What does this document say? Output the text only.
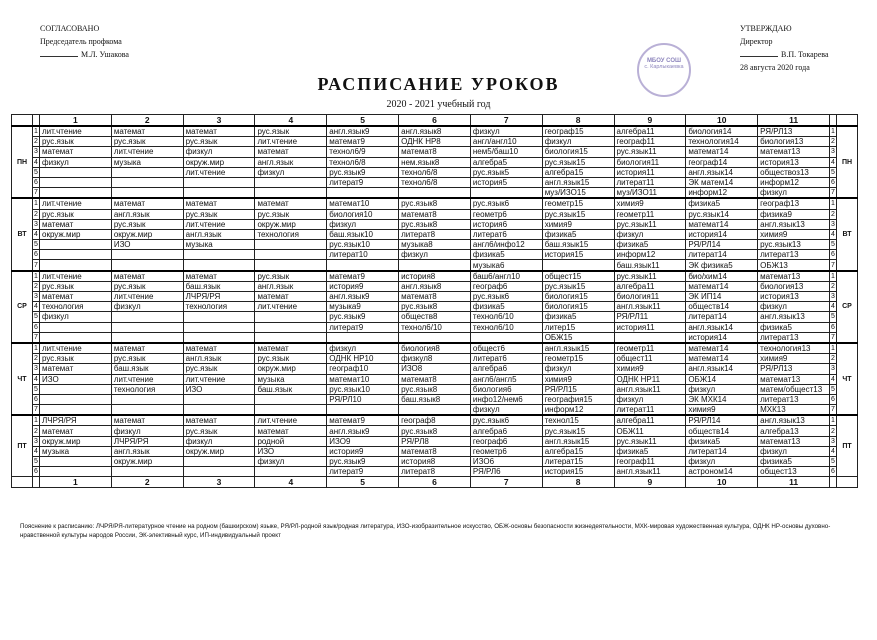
СОГЛАСОВАНО
Председатель профкома
М.Л. Ушакова
МБОУ СОШ
с. Карлыкаевка
УТВЕРЖДАЮ
Директор
В.П. Токарева
28 августа 2020 года
РАСПИСАНИЕ УРОКОВ
2020 - 2021 учебный год
		1	2	3	4	5	6	7	8	9	10	11		
ПН	1	лит.чтение	математ	математ	рус.язык	англ.язык9	англ.язык8	физкул	географ15	алгебра11	биология14	РЯ/РЛ13	1	ПН
	2	рус.язык	рус.язык	рус.язык	лит.чтение	математ9	ОДНК НР8	англ/англ10	физкул	географ11	технология14	биология13	2	
	3	математ	лит.чтение	физкул	математ	технол6/9	математ8	нем5/баш10	биология15	рус.язык11	математ14	математ13	3	
	4	физкул	музыка	окруж.мир	англ.язык	технол6/8	нем.язык8	алгебра5	рус.язык15	биология11	географ14	история13	4	
	5			лит.чтение	физкул	рус.язык9	технол6/8	рус.язык5	алгебра15	история11	англ.язык14	обществоз13	5	
	6					литерат9	технол6/8	история5	англ.язык15	литерат11	ЭК матем14	информ12	6	
	7								муз/ИЗО15	муз/ИЗО11	информ12	физкул	7	
ВТ	1	лит.чтение	математ	математ	математ	математ10	рус.язык8	рус.язык6	геометр15	химия9	физика5	географ13	1	ВТ
	2	рус.язык	англ.язык	рус.язык	рус.язык	биология10	математ8	геометр6	рус.язык15	геометр11	рус.язык14	физика9	2	
	3	математ	рус.язык	лит.чтение	окруж.мир	физкул	рус.язык8	история6	химия9	рус.язык11	математ14	англ.язык13	3	
	4	окруж.мир	окруж.мир	англ.язык	технология	баш.язык10	литерат8	литерат6	физика5	физкул	история14	химия9	4	
	5		ИЗО	музыка		рус.язык10	музыка8	англ6/инфо12	баш.язык15	физика5	РЯ/РЛ14	рус.язык13	5	
	6					литерат10	физкул	физика5	история15	информ12	литерат14	литерат13	6	
	7							музыка6		баш.язык11	ЭК физика5	ОБЖ13	7	
СР	1	лит.чтение	математ	математ	рус.язык	математ9	история8	баш6/англ10	общест15	рус.язык11	био/хим14	математ13	1	СР
	2	рус.язык	рус.язык	баш.язык	англ.язык	история9	англ.язык8	географ6	рус.язык15	алгебра11	математ14	биология13	2	
	3	математ	лит.чтение	ЛЧРЯ/РЯ	математ	англ.язык9	математ8	рус.язык6	биология15	биология11	ЭК ИП14	история13	3	
	4	технология	физкул	технология	лит.чтение	музыка9	рус.язык8	физика5	биология15	англ.язык11	обществ14	физкул	4	
	5	физкул				рус.язык9	обществ8	технол6/10	физика5	РЯ/РЛ11	литерат14	англ.язык13	5	
	6					литерат9	технол6/10	технол6/10	литер15	история11	англ.язык14	физика5	6	
	7								ОБЖ15		история14	литерат13	7	
ЧТ	1	лит.чтение	математ	математ	математ	физкул	биология8	общест6	англ.язык15	геометр11	математ14	технология13	1	ЧТ
	2	рус.язык	рус.язык	англ.язык	рус.язык	ОДНК НР10	физкул8	литерат6	геометр15	общест11	математ14	химия9	2	
	3	математ	баш.язык	рус.язык	окруж.мир	географ10	ИЗО8	алгебра6	физкул	химия9	англ.язык14	РЯ/РЛ13	3	
	4	ИЗО	лит.чтение	лит.чтение	музыка	математ10	математ8	англ6/англ5	химия9	ОДНК НР11	ОБЖ14	математ13	4	
	5		технология	ИЗО	баш.язык	рус.язык10	рус.язык8	биология6	РЯ/РЛ15	англ.язык11	физкул	матем/общест13	5	
	6					РЯ/РЛ10	баш.язык8	инфо12/нем6	география15	физкул	ЭК МХК14	литерат13	6	
	7							физкул	информ12	литерат11	химия9	МХК13	7	
ПТ	1	ЛЧРЯ/РЯ	математ	математ	лит.чтение	математ9	географ8	рус.язык6	технол15	алгебра11	РЯ/РЛ14	англ.язык13	1	ПТ
	2	математ	физкул	рус.язык	математ	англ.язык9	рус.язык8	алгебра6	рус.язык15	ОБЖ11	обществ14	алгебра13	2	
	3	окруж.мир	ЛЧРЯ/РЯ	физкул	родной	ИЗО9	РЯ/РЛ8	географ6	англ.язык15	рус.язык11	физика5	математ13	3	
	4	музыка	англ.язык	окруж.мир	ИЗО	история9	математ8	геометр6	алгебра15	физика5	литерат14	физкул	4	
	5		окруж.мир		физкул	рус.язык9	история8	ИЗО6	литерат15	географ11	физкул	физика5	5	
	6					литерат9	литерат8	РЯ/РЛ6	история15	англ.язык11	астроном14	общест13	6	
		1	2	3	4	5	6	7	8	9	10	11		
Пояснение к расписанию: ЛЧРЯ/РЯ-литературное чтение на родном (башкирском) языке, РЯ/РЛ-родной язык/родная литература, ИЗО-изобразительное искусство, ОБЖ-основы безопасности жизнедеятельности, МХК-мировая художественная культура, ОДНК НР-основы духовно-нравственной культуры народов России, ЭК-элективный курс, ИП-индивидуальный проект
